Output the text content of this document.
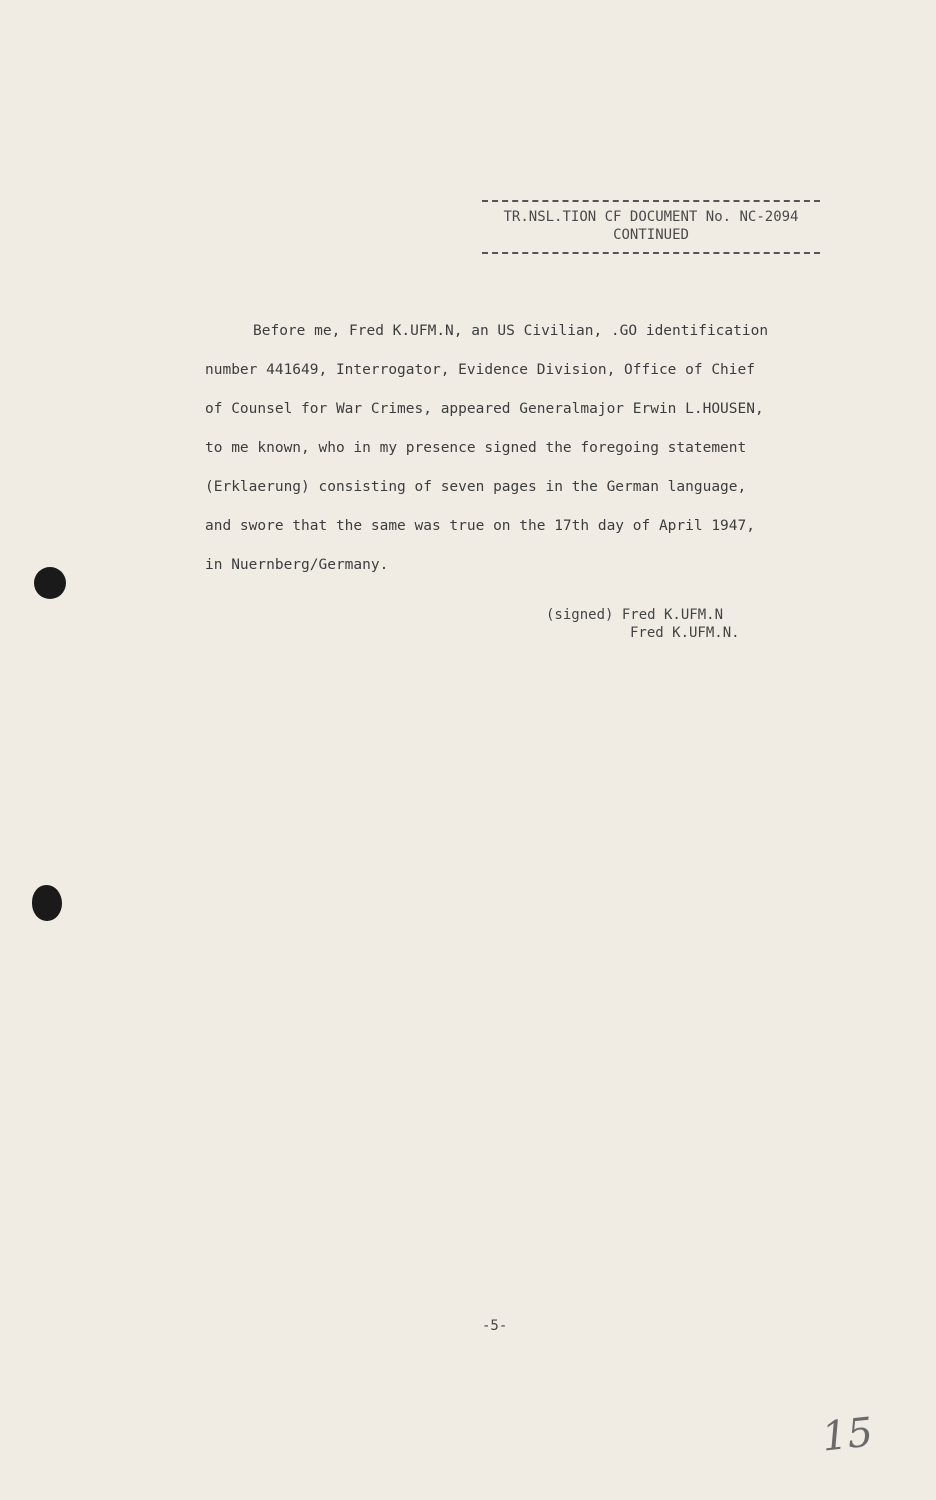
TR.NSL.TION CF DOCUMENT No. NC-2094
CONTINUED
Before me, Fred K.UFM.N, an US Civilian, .GO identification
number 441649, Interrogator, Evidence Division, Office of Chief
of Counsel for War Crimes, appeared Generalmajor Erwin L.HOUSEN,
to me known, who in my presence signed the foregoing statement
(Erklaerung) consisting of seven pages in the German language,
and swore that the same was true on the 17th day of April 1947,
in Nuernberg/Germany.
(signed) Fred K.UFM.N
Fred K.UFM.N.
-5-
15
